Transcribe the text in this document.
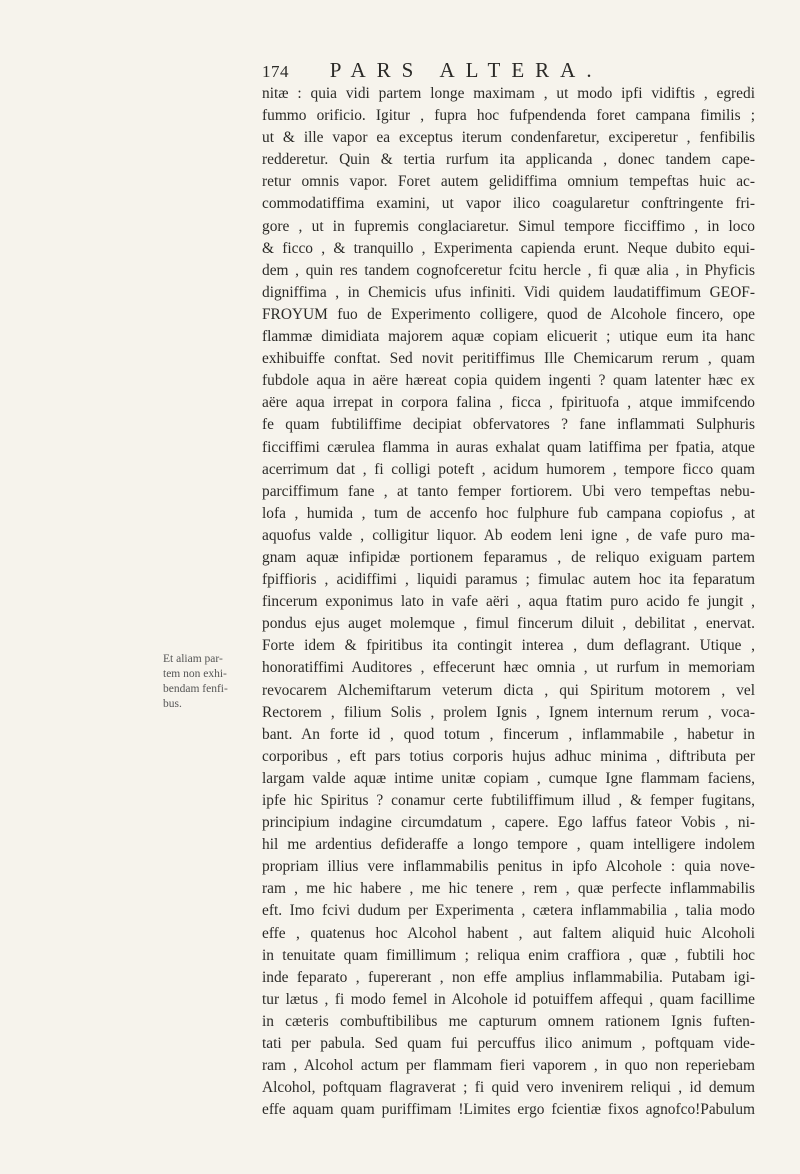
174 PARS ALTERA.
Et aliam par-
tem non exhi-
bendam fenfi-
bus.
nitæ : quia vidi partem longe maximam , ut modo ipfi vidiftis , egredi
fummo orificio. Igitur , fupra hoc fufpendenda foret campana fimilis ;
ut & ille vapor ea exceptus iterum condenfaretur, exciperetur , fenfibilis
redderetur. Quin & tertia rurfum ita applicanda , donec tandem cape-
retur omnis vapor. Foret autem gelidiffima omnium tempeftas huic ac-
commodatiffima examini, ut vapor ilico coagularetur conftringente fri-
gore , ut in fupremis conglaciaretur. Simul tempore ficciffimo , in loco
& ficco , & tranquillo , Experimenta capienda erunt. Neque dubito equi-
dem , quin res tandem cognofceretur fcitu hercle , fi quæ alia , in Phyficis
digniffima , in Chemicis ufus infiniti. Vidi quidem laudatiffimum GEOF-
FROYUM fuo de Experimento colligere, quod de Alcohole fincero, ope
flammæ dimidiata majorem aquæ copiam elicuerit ; utique eum ita hanc
exhibuiffe conftat. Sed novit peritiffimus Ille Chemicarum rerum , quam
fubdole aqua in aëre hæreat copia quidem ingenti ? quam latenter hæc ex
aëre aqua irrepat in corpora falina , ficca , fpirituofa , atque immifcendo
fe quam fubtiliffime decipiat obfervatores ? fane inflammati Sulphuris
ficciffimi cærulea flamma in auras exhalat quam latiffima per fpatia, atque
acerrimum dat , fi colligi poteft , acidum humorem , tempore ficco quam
parciffimum fane , at tanto femper fortiorem. Ubi vero tempeftas nebu-
lofa , humida , tum de accenfo hoc fulphure fub campana copiofus , at
aquofus valde , colligitur liquor. Ab eodem leni igne , de vafe puro ma-
gnam aquæ infipidæ portionem feparamus , de reliquo exiguam partem
fpiffioris , acidiffimi , liquidi paramus ; fimulac autem hoc ita feparatum
fincerum exponimus lato in vafe aëri , aqua ftatim puro acido fe jungit ,
pondus ejus auget molemque , fimul fincerum diluit , debilitat , enervat.
Forte idem & fpiritibus ita contingit interea , dum deflagrant. Utique ,
honoratiffimi Auditores , effecerunt hæc omnia , ut rurfum in memoriam
revocarem Alchemiftarum veterum dicta , qui Spiritum motorem , vel
Rectorem , filium Solis , prolem Ignis , Ignem internum rerum , voca-
bant. An forte id , quod totum , fincerum , inflammabile , habetur in
corporibus , eft pars totius corporis hujus adhuc minima , diftributa per
largam valde aquæ intime unitæ copiam , cumque Igne flammam faciens,
ipfe hic Spiritus ? conamur certe fubtiliffimum illud , & femper fugitans,
principium indagine circumdatum , capere. Ego laffus fateor Vobis , ni-
hil me ardentius defideraffe a longo tempore , quam intelligere indolem
propriam illius vere inflammabilis penitus in ipfo Alcohole : quia nove-
ram , me hic habere , me hic tenere , rem , quæ perfecte inflammabilis
eft. Imo fcivi dudum per Experimenta , cætera inflammabilia , talia modo
effe , quatenus hoc Alcohol habent , aut faltem aliquid huic Alcoholi
in tenuitate quam fimillimum ; reliqua enim craffiora , quæ , fubtili hoc
inde feparato , fupererant , non effe amplius inflammabilia. Putabam igi-
tur lætus , fi modo femel in Alcohole id potuiffem affequi , quam facillime
in cæteris combuftibilibus me capturum omnem rationem Ignis fuften-
tati per pabula. Sed quam fui percuffus ilico animum , poftquam vide-
ram , Alcohol actum per flammam fieri vaporem , in quo non reperiebam
Alcohol, poftquam flagraverat ; fi quid vero invenirem reliqui , id demum
effe aquam quam puriffimam !Limites ergo fcientiæ fixos agnofco!Pabulum
